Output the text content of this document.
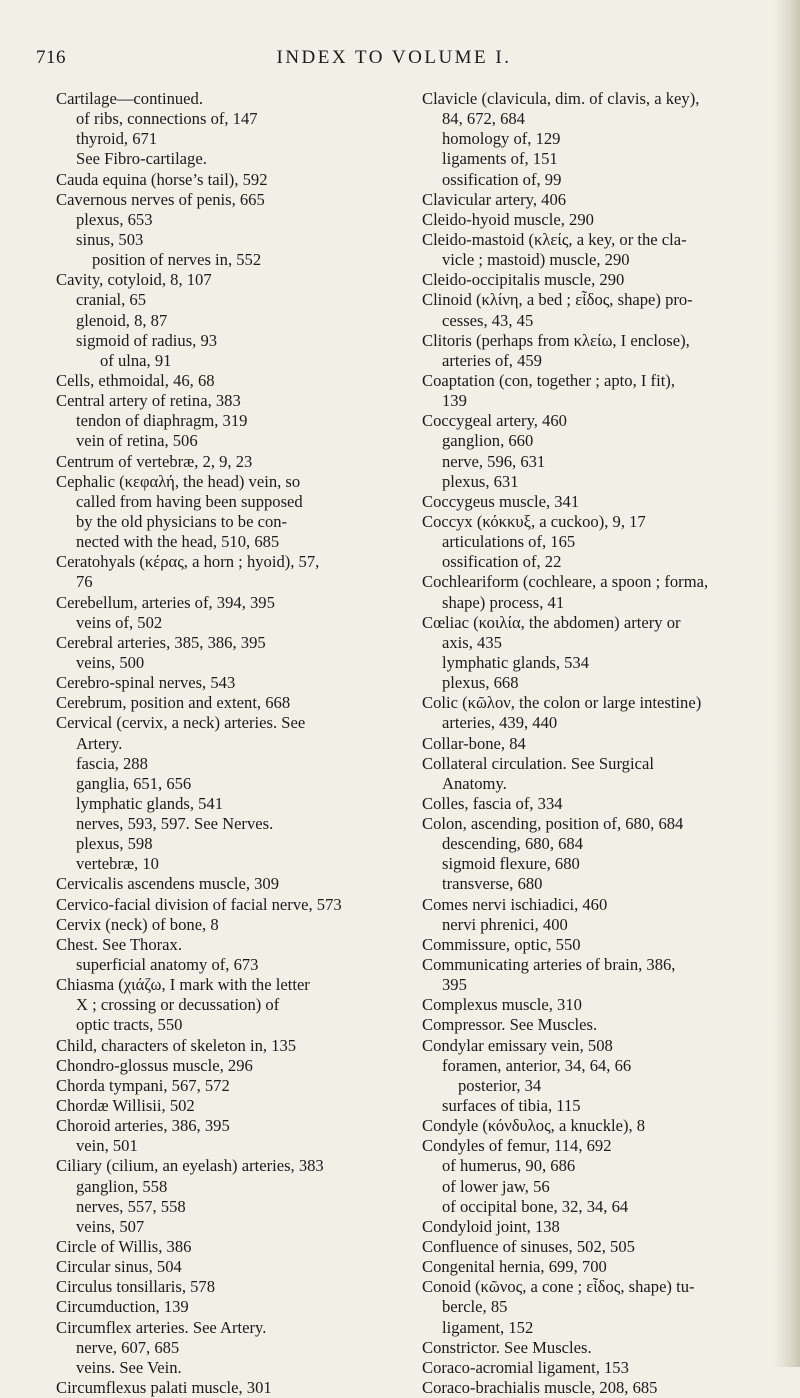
716	INDEX TO VOLUME I.
Cartilage—continued.
of ribs, connections of, 147
thyroid, 671
See Fibro-cartilage.
Cauda equina (horse’s tail), 592
Cavernous nerves of penis, 665
plexus, 653
sinus, 503
position of nerves in, 552
Cavity, cotyloid, 8, 107
cranial, 65
glenoid, 8, 87
sigmoid of radius, 93
of ulna, 91
Cells, ethmoidal, 46, 68
Central artery of retina, 383
tendon of diaphragm, 319
vein of retina, 506
Centrum of vertebræ, 2, 9, 23
Cephalic (κεφαλή, the head) vein, so
called from having been supposed
by the old physicians to be con-
nected with the head, 510, 685
Ceratohyals (κέρας, a horn ; hyoid), 57,
76
Cerebellum, arteries of, 394, 395
veins of, 502
Cerebral arteries, 385, 386, 395
veins, 500
Cerebro-spinal nerves, 543
Cerebrum, position and extent, 668
Cervical (cervix, a neck) arteries. See
Artery.
fascia, 288
ganglia, 651, 656
lymphatic glands, 541
nerves, 593, 597. See Nerves.
plexus, 598
vertebræ, 10
Cervicalis ascendens muscle, 309
Cervico-facial division of facial nerve, 573
Cervix (neck) of bone, 8
Chest. See Thorax.
superficial anatomy of, 673
Chiasma (χιάζω, I mark with the letter
X ; crossing or decussation) of
optic tracts, 550
Child, characters of skeleton in, 135
Chondro-glossus muscle, 296
Chorda tympani, 567, 572
Chordæ Willisii, 502
Choroid arteries, 386, 395
vein, 501
Ciliary (cilium, an eyelash) arteries, 383
ganglion, 558
nerves, 557, 558
veins, 507
Circle of Willis, 386
Circular sinus, 504
Circulus tonsillaris, 578
Circumduction, 139
Circumflex arteries. See Artery.
nerve, 607, 685
veins. See Vein.
Circumflexus palati muscle, 301
Clavicle (clavicula, dim. of clavis, a key),
84, 672, 684
homology of, 129
ligaments of, 151
ossification of, 99
Clavicular artery, 406
Cleido-hyoid muscle, 290
Cleido-mastoid (κλείς, a key, or the cla-
vicle ; mastoid) muscle, 290
Cleido-occipitalis muscle, 290
Clinoid (κλίνη, a bed ; εἶδος, shape) pro-
cesses, 43, 45
Clitoris (perhaps from κλείω, I enclose),
arteries of, 459
Coaptation (con, together ; apto, I fit),
139
Coccygeal artery, 460
ganglion, 660
nerve, 596, 631
plexus, 631
Coccygeus muscle, 341
Coccyx (κόκκυξ, a cuckoo), 9, 17
articulations of, 165
ossification of, 22
Cochleariform (cochleare, a spoon ; forma,
shape) process, 41
Cœliac (κοιλία, the abdomen) artery or
axis, 435
lymphatic glands, 534
plexus, 668
Colic (κῶλον, the colon or large intestine)
arteries, 439, 440
Collar-bone, 84
Collateral circulation. See Surgical
Anatomy.
Colles, fascia of, 334
Colon, ascending, position of, 680, 684
descending, 680, 684
sigmoid flexure, 680
transverse, 680
Comes nervi ischiadici, 460
nervi phrenici, 400
Commissure, optic, 550
Communicating arteries of brain, 386,
395
Complexus muscle, 310
Compressor. See Muscles.
Condylar emissary vein, 508
foramen, anterior, 34, 64, 66
posterior, 34
surfaces of tibia, 115
Condyle (κόνδυλος, a knuckle), 8
Condyles of femur, 114, 692
of humerus, 90, 686
of lower jaw, 56
of occipital bone, 32, 34, 64
Condyloid joint, 138
Confluence of sinuses, 502, 505
Congenital hernia, 699, 700
Conoid (κῶνος, a cone ; εἶδος, shape) tu-
bercle, 85
ligament, 152
Constrictor. See Muscles.
Coraco-acromial ligament, 153
Coraco-brachialis muscle, 208, 685
